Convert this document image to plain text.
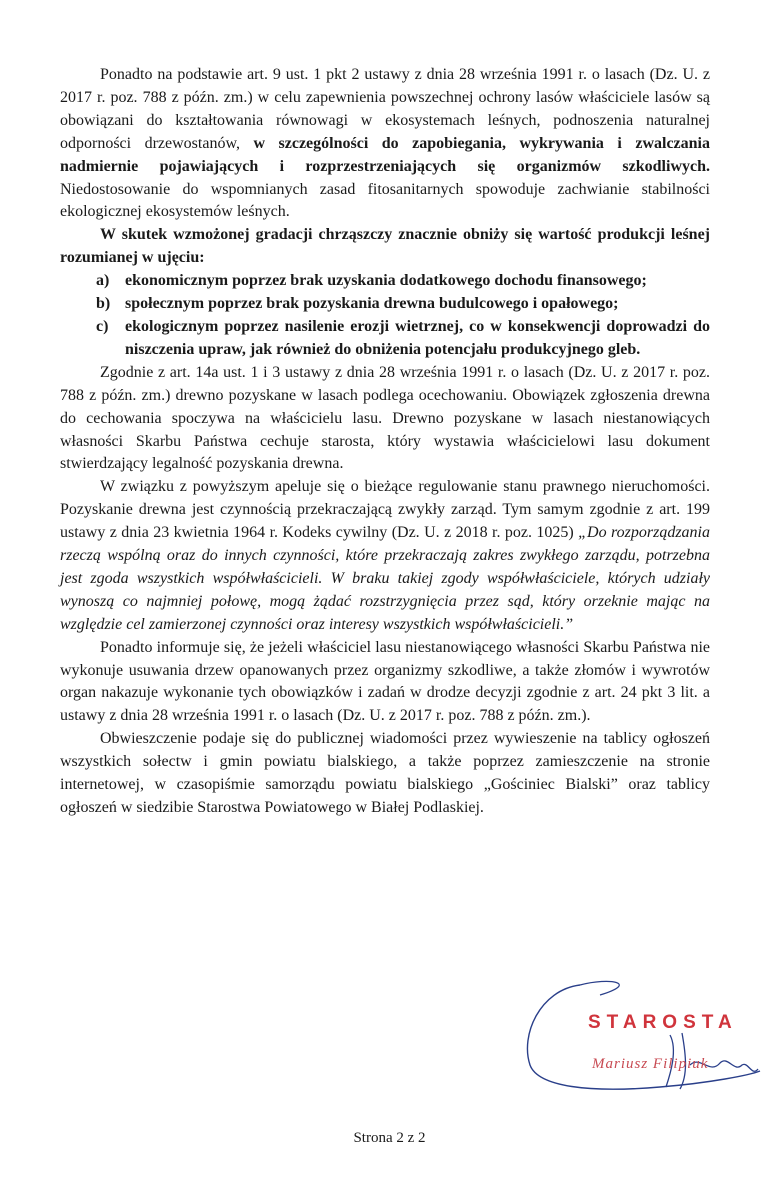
Ponadto na podstawie art. 9 ust. 1 pkt 2 ustawy z dnia 28 września 1991 r. o lasach (Dz. U. z 2017 r. poz. 788 z późn. zm.) w celu zapewnienia powszechnej ochrony lasów właściciele lasów są obowiązani do kształtowania równowagi w ekosystemach leśnych, podnoszenia naturalnej odporności drzewostanów, w szczególności do zapobiegania, wykrywania i zwalczania nadmiernie pojawiających i rozprzestrzeniających się organizmów szkodliwych. Niedostosowanie do wspomnianych zasad fitosanitarnych spowoduje zachwianie stabilności ekologicznej ekosystemów leśnych.

W skutek wzmożonej gradacji chrząszczy znacznie obniży się wartość produkcji leśnej rozumianej w ujęciu:

a) ekonomicznym poprzez brak uzyskania dodatkowego dochodu finansowego;
b) społecznym poprzez brak pozyskania drewna budulcowego i opałowego;
c) ekologicznym poprzez nasilenie erozji wietrznej, co w konsekwencji doprowadzi do niszczenia upraw, jak również do obniżenia potencjału produkcyjnego gleb.

Zgodnie z art. 14a ust. 1 i 3 ustawy z dnia 28 września 1991 r. o lasach (Dz. U. z 2017 r. poz. 788 z późn. zm.) drewno pozyskane w lasach podlega ocechowaniu. Obowiązek zgłoszenia drewna do cechowania spoczywa na właścicielu lasu. Drewno pozyskane w lasach niestanowiących własności Skarbu Państwa cechuje starosta, który wystawia właścicielowi lasu dokument stwierdzający legalność pozyskania drewna.

W związku z powyższym apeluje się o bieżące regulowanie stanu prawnego nieruchomości. Pozyskanie drewna jest czynnością przekraczającą zwykły zarząd. Tym samym zgodnie z art. 199 ustawy z dnia 23 kwietnia 1964 r. Kodeks cywilny (Dz. U. z 2018 r. poz. 1025) „Do rozporządzania rzeczą wspólną oraz do innych czynności, które przekraczają zakres zwykłego zarządu, potrzebna jest zgoda wszystkich współwłaścicieli. W braku takiej zgody współwłaściciele, których udziały wynoszą co najmniej połowę, mogą żądać rozstrzygnięcia przez sąd, który orzeknie mając na względzie cel zamierzonej czynności oraz interesy wszystkich współwłaścicieli.”

Ponadto informuje się, że jeżeli właściciel lasu niestanowiącego własności Skarbu Państwa nie wykonuje usuwania drzew opanowanych przez organizmy szkodliwe, a także złomów i wywrotów organ nakazuje wykonanie tych obowiązków i zadań w drodze decyzji zgodnie z art. 24 pkt 3 lit. a ustawy z dnia 28 września 1991 r. o lasach (Dz. U. z 2017 r. poz. 788 z późn. zm.).

Obwieszczenie podaje się do publicznej wiadomości przez wywieszenie na tablicy ogłoszeń wszystkich sołectw i gmin powiatu bialskiego, a także poprzez zamieszczenie na stronie internetowej, w czasopiśmie samorządu powiatu bialskiego „Gościniec Bialski” oraz tablicy ogłoszeń w siedzibie Starostwa Powiatowego w Białej Podlaskiej.

STAROSTA
Mariusz Filipiuk
Strona 2 z 2
